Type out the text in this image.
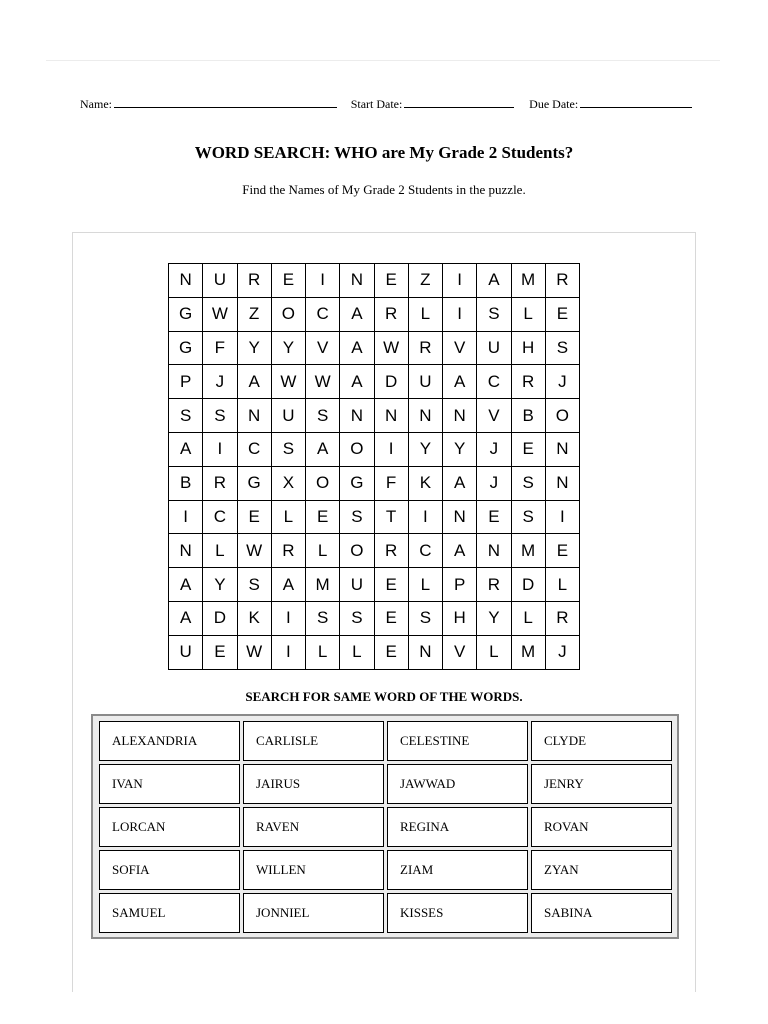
Name:	Start Date:	Due Date:
WORD SEARCH: WHO are My Grade 2 Students?
Find the Names of My Grade 2 Students in the puzzle.
N	U	R	E	I	N	E	Z	I	A	M	R
G	W	Z	O	C	A	R	L	I	S	L	E
G	F	Y	Y	V	A	W	R	V	U	H	S
P	J	A	W	W	A	D	U	A	C	R	J
S	S	N	U	S	N	N	N	N	V	B	O
A	I	C	S	A	O	I	Y	Y	J	E	N
B	R	G	X	O	G	F	K	A	J	S	N
I	C	E	L	E	S	T	I	N	E	S	I
N	L	W	R	L	O	R	C	A	N	M	E
A	Y	S	A	M	U	E	L	P	R	D	L
A	D	K	I	S	S	E	S	H	Y	L	R
U	E	W	I	L	L	E	N	V	L	M	J
SEARCH FOR SAME WORD OF THE WORDS.
ALEXANDRIA	CARLISLE	CELESTINE	CLYDE
IVAN	JAIRUS	JAWWAD	JENRY
LORCAN	RAVEN	REGINA	ROVAN
SOFIA	WILLEN	ZIAM	ZYAN
SAMUEL	JONNIEL	KISSES	SABINA
